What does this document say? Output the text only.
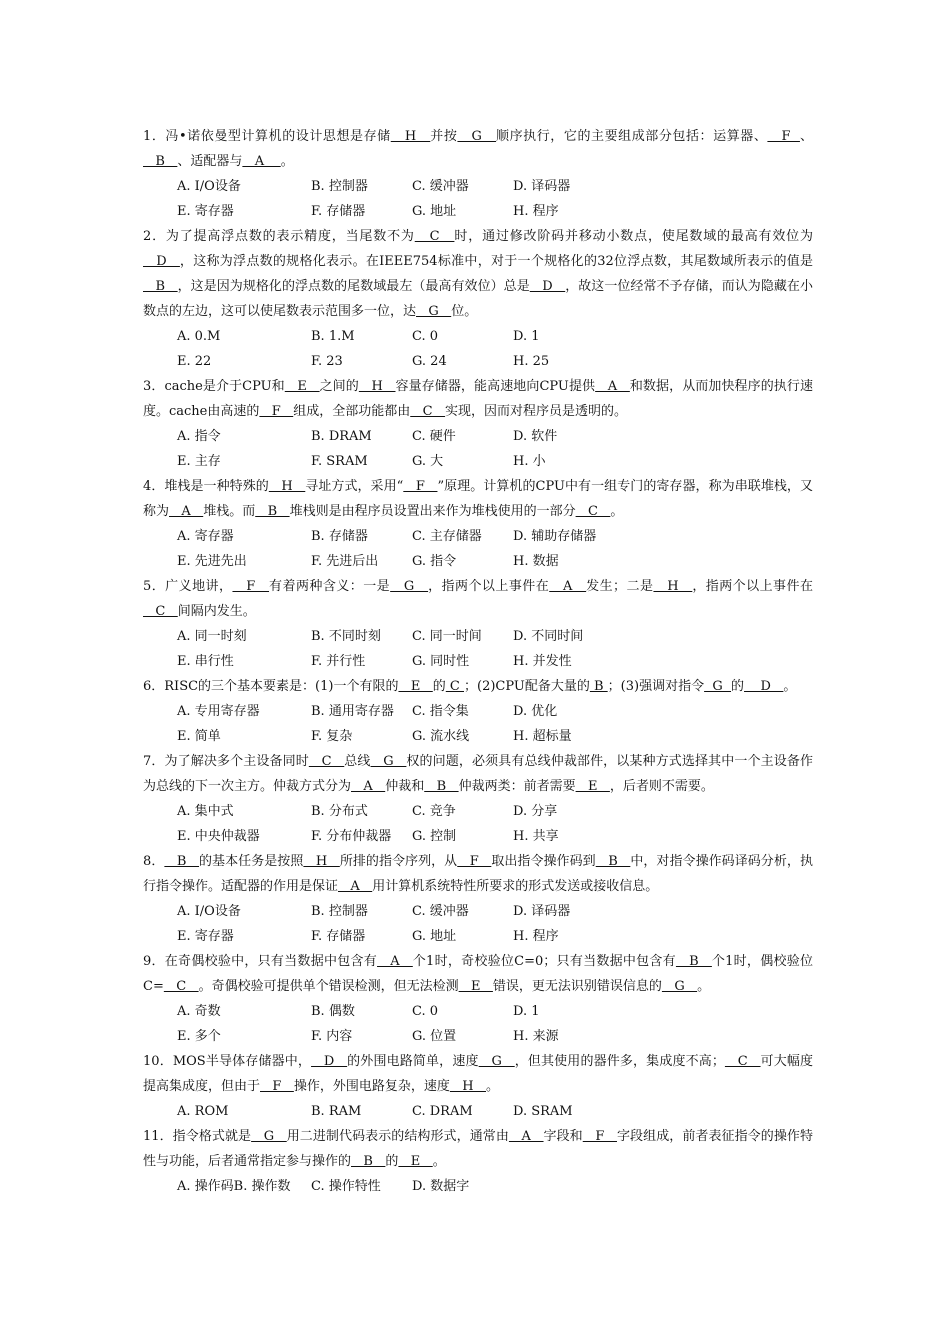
1．冯•诺依曼型计算机的设计思想是存储   H   并按   G   顺序执行，它的主要组成部分包括：运算器、   F  、   B   、适配器与   A    。
A. I/O设备	B. 控制器	C. 缓冲器	D. 译码器
E. 寄存器	F. 存储器	G. 地址	H. 程序
2．为了提高浮点数的表示精度，当尾数不为   C   时，通过修改阶码并移动小数点，使尾数域的最高有效位为   D   ，这称为浮点数的规格化表示。在IEEE754标准中，对于一个规格化的32位浮点数，其尾数域所表示的值是   B   ，这是因为规格化的浮点数的尾数域最左（最高有效位）总是   D   ，故这一位经常不予存储，而认为隐藏在小数点的左边，这可以使尾数表示范围多一位，达   G   位。
A. 0.M	B. 1.M	C. 0	D. 1
E. 22	F. 23	G. 24	H. 25
3．cache是介于CPU和   E   之间的   H   容量存储器，能高速地向CPU提供   A   和数据，从而加快程序的执行速度。cache由高速的   F   组成，全部功能都由   C   实现，因而对程序员是透明的。
A. 指令	B. DRAM	C. 硬件	D. 软件
E. 主存	F. SRAM	G. 大	H. 小
4．堆栈是一种特殊的   H   寻址方式，采用“   F   ”原理。计算机的CPU中有一组专门的寄存器，称为串联堆栈，又称为   A   堆栈。而   B   堆栈则是由程序员设置出来作为堆栈使用的一部分   C   。
A. 寄存器	B. 存储器	C. 主存储器	D. 辅助存储器
E. 先进先出	F. 先进后出	G. 指令	H. 数据
5．广义地讲，   F   有着两种含义：一是   G   ，指两个以上事件在   A   发生；二是   H   ，指两个以上事件在   C   间隔内发生。
A. 同一时刻	B. 不同时刻	C. 同一时间	D. 不同时间
E. 串行性	F. 并行性	G. 同时性	H. 并发性
6．RISC的三个基本要素是：(1)一个有限的   E   的 C ；(2)CPU配备大量的 B ；(3)强调对指令  G  的    D   。
A. 专用寄存器	B. 通用寄存器	C. 指令集	D. 优化
E. 简单	F. 复杂	G. 流水线	H. 超标量
7．为了解决多个主设备同时   C   总线   G   权的问题，必须具有总线仲裁部件，以某种方式选择其中一个主设备作为总线的下一次主方。仲裁方式分为   A   仲裁和   B   仲裁两类：前者需要   E   ，后者则不需要。
A. 集中式	B. 分布式	C. 竞争	D. 分享
E. 中央仲裁器	F. 分布仲裁器	G. 控制	H. 共享
8．   B   的基本任务是按照   H   所排的指令序列，从   F   取出指令操作码到   B   中，对指令操作码译码分析，执行指令操作。适配器的作用是保证   A   用计算机系统特性所要求的形式发送或接收信息。
A. I/O设备	B. 控制器	C. 缓冲器	D. 译码器
E. 寄存器	F. 存储器	G. 地址	H. 程序
9．在奇偶校验中，只有当数据中包含有   A   个1时，奇校验位C=0；只有当数据中包含有   B   个1时，偶校验位C=   C   。奇偶校验可提供单个错误检测，但无法检测   E   错误，更无法识别错误信息的   G   。
A. 奇数	B. 偶数	C. 0	D. 1
E. 多个	F. 内容	G. 位置	H. 来源
10．MOS半导体存储器中，   D   的外围电路简单，速度   G   ，但其使用的器件多，集成度不高；   C   可大幅度提高集成度，但由于   F   操作，外围电路复杂，速度   H   。
A. ROM	B. RAM	C. DRAM	D. SRAM
11．指令格式就是   G   用二进制代码表示的结构形式，通常由   A   字段和   F   字段组成，前者表征指令的操作特性与功能，后者通常指定参与操作的   B   的   E   。
A. 操作码B. 操作数	C. 操作特性	D. 数据字
